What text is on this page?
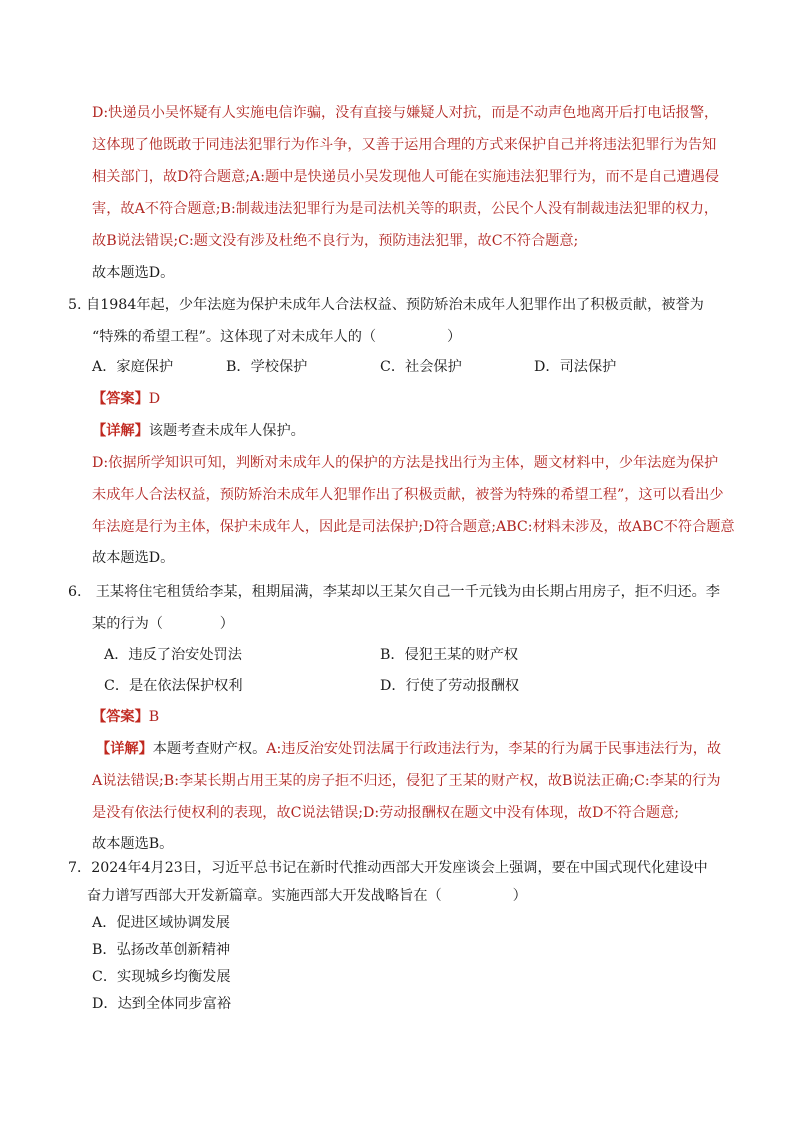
D:快递员小吴怀疑有人实施电信诈骗，没有直接与嫌疑人对抗，而是不动声色地离开后打电话报警，
这体现了他既敢于同违法犯罪行为作斗争，又善于运用合理的方式来保护自己并将违法犯罪行为告知
相关部门，故D符合题意;A:题中是快递员小吴发现他人可能在实施违法犯罪行为，而不是自己遭遇侵
害，故A不符合题意;B:制裁违法犯罪行为是司法机关等的职责，公民个人没有制裁违法犯罪的权力，
故B说法错误;C:题文没有涉及杜绝不良行为，预防违法犯罪，故C不符合题意;
故本题选D。
5. 自1984年起，少年法庭为保护未成年人合法权益、预防矫治未成年人犯罪作出了积极贡献，被誉为
“特殊的希望工程”。这体现了对未成年人的（　　　　　）
A．家庭保护	B．学校保护	C．社会保护	D．司法保护
【答案】D
【详解】该题考查未成年人保护。
D:依据所学知识可知，判断对未成年人的保护的方法是找出行为主体，题文材料中，少年法庭为保护
未成年人合法权益，预防矫治未成年人犯罪作出了积极贡献，被誉为特殊的希望工程”，这可以看出少
年法庭是行为主体，保护未成年人，因此是司法保护;D符合题意;ABC:材料未涉及，故ABC不符合题意
故本题选D。
6.　王某将住宅租赁给李某，租期届满，李某却以王某欠自己一千元钱为由长期占用房子，拒不归还。李
某的行为（　　　　）
A．违反了治安处罚法	B．侵犯王某的财产权
C．是在依法保护权利	D．行使了劳动报酬权
【答案】B
【详解】本题考查财产权。A:违反治安处罚法属于行政违法行为，李某的行为属于民事违法行为，故
A说法错误;B:李某长期占用王某的房子拒不归还，侵犯了王某的财产权，故B说法正确;C:李某的行为
是没有依法行使权利的表现，故C说法错误;D:劳动报酬权在题文中没有体现，故D不符合题意;
故本题选B。
7．2024年4月23日，习近平总书记在新时代推动西部大开发座谈会上强调，要在中国式现代化建设中
奋力谱写西部大开发新篇章。实施西部大开发战略旨在（　　　　　）
A．促进区域协调发展
B．弘扬改革创新精神
C．实现城乡均衡发展
D．达到全体同步富裕
